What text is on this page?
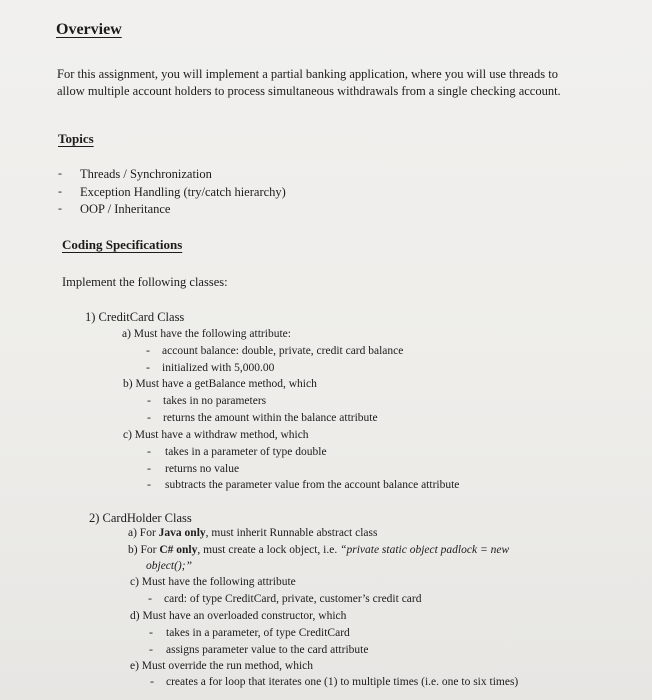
Overview
For this assignment, you will implement a partial banking application, where you will use threads to allow multiple account holders to process simultaneous withdrawals from a single checking account.
Topics
- Threads / Synchronization
- Exception Handling (try/catch hierarchy)
- OOP / Inheritance
Coding Specifications
Implement the following classes:
1) CreditCard Class
a) Must have the following attribute:
- account balance: double, private, credit card balance
- initialized with 5,000.00
b) Must have a getBalance method, which
- takes in no parameters
- returns the amount within the balance attribute
c) Must have a withdraw method, which
- takes in a parameter of type double
- returns no value
- subtracts the parameter value from the account balance attribute
2) CardHolder Class
a) For Java only, must inherit Runnable abstract class
b) For C# only, must create a lock object, i.e. “private static object padlock = new
object();”
c) Must have the following attribute
- card: of type CreditCard, private, customer’s credit card
d) Must have an overloaded constructor, which
- takes in a parameter, of type CreditCard
- assigns parameter value to the card attribute
e) Must override the run method, which
- creates a for loop that iterates one (1) to multiple times (i.e. one to six times)
